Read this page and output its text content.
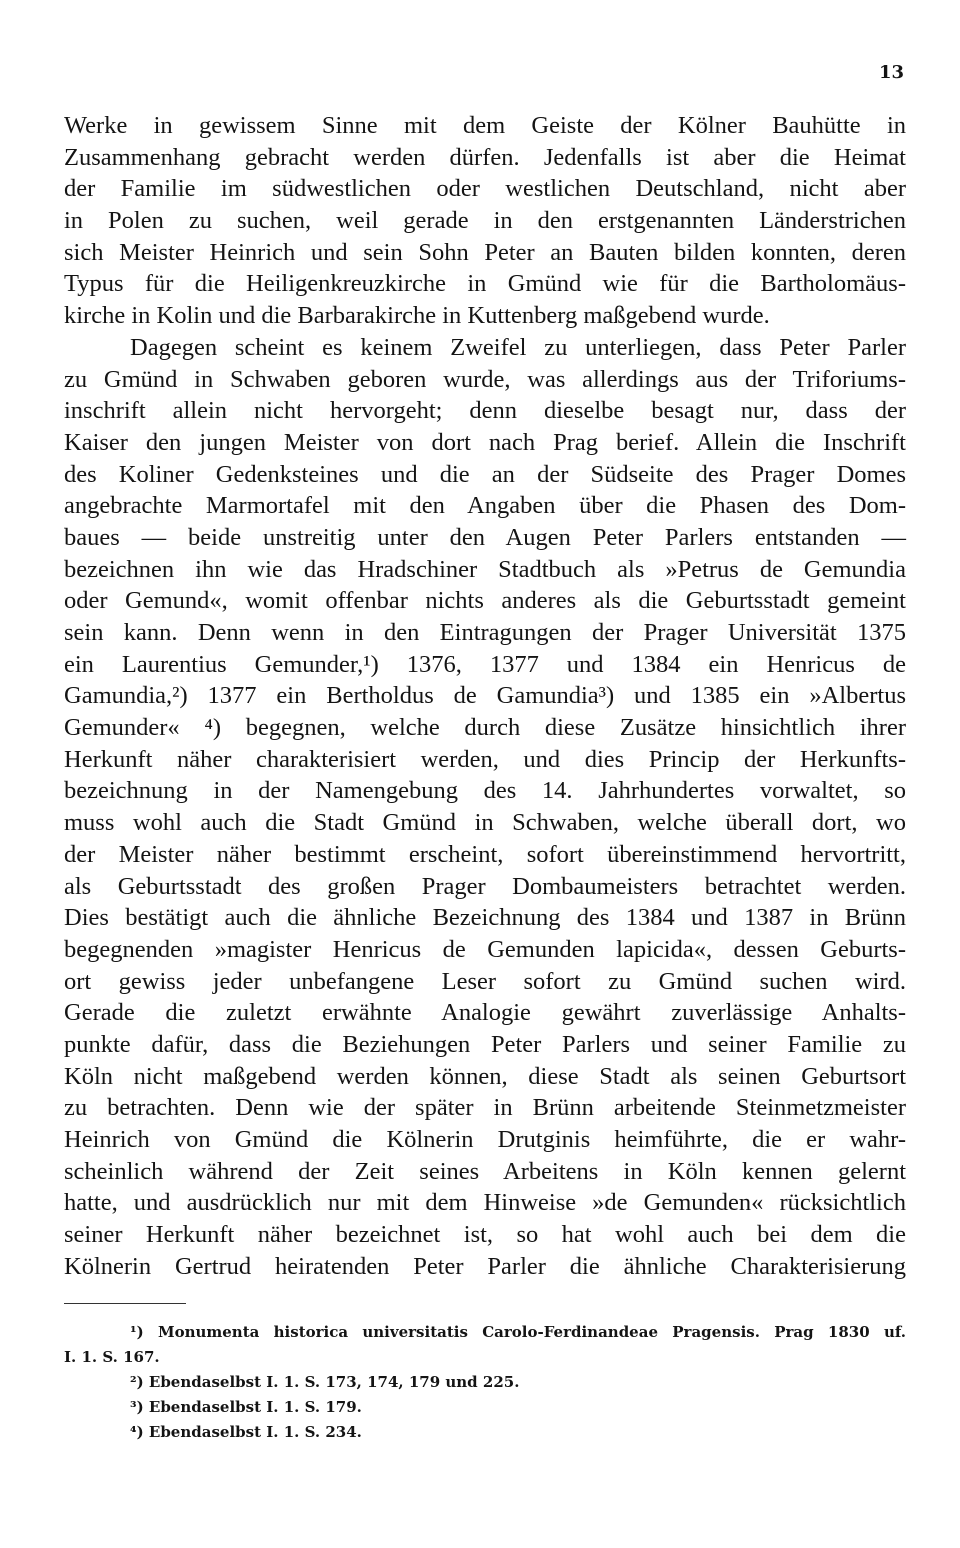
13
Werke in gewissem Sinne mit dem Geiste der Kölner Bauhütte in
Zusammenhang gebracht werden dürfen. Jedenfalls ist aber die Heimat
der Familie im südwestlichen oder westlichen Deutschland, nicht aber
in Polen zu suchen, weil gerade in den erstgenannten Länderstrichen
sich Meister Heinrich und sein Sohn Peter an Bauten bilden konnten, deren
Typus für die Heiligenkreuzkirche in Gmünd wie für die Bartholomäus-
kirche in Kolin und die Barbarakirche in Kuttenberg maßgebend wurde.
Dagegen scheint es keinem Zweifel zu unterliegen, dass Peter Parler
zu Gmünd in Schwaben geboren wurde, was allerdings aus der Triforiums-
inschrift allein nicht hervorgeht; denn dieselbe besagt nur, dass der
Kaiser den jungen Meister von dort nach Prag berief. Allein die Inschrift
des Koliner Gedenksteines und die an der Südseite des Prager Domes
angebrachte Marmortafel mit den Angaben über die Phasen des Dom-
baues — beide unstreitig unter den Augen Peter Parlers entstanden —
bezeichnen ihn wie das Hradschiner Stadtbuch als »Petrus de Gemundia
oder Gemund«, womit offenbar nichts anderes als die Geburtsstadt gemeint
sein kann. Denn wenn in den Eintragungen der Prager Universität 1375
ein Laurentius Gemunder,¹) 1376, 1377 und 1384 ein Henricus de
Gamundia,²) 1377 ein Bertholdus de Gamundia³) und 1385 ein »Albertus
Gemunder« ⁴) begegnen, welche durch diese Zusätze hinsichtlich ihrer
Herkunft näher charakterisiert werden, und dies Princip der Herkunfts-
bezeichnung in der Namengebung des 14. Jahrhundertes vorwaltet, so
muss wohl auch die Stadt Gmünd in Schwaben, welche überall dort, wo
der Meister näher bestimmt erscheint, sofort übereinstimmend hervortritt,
als Geburtsstadt des großen Prager Dombaumeisters betrachtet werden.
Dies bestätigt auch die ähnliche Bezeichnung des 1384 und 1387 in Brünn
begegnenden »magister Henricus de Gemunden lapicida«, dessen Geburts-
ort gewiss jeder unbefangene Leser sofort zu Gmünd suchen wird.
Gerade die zuletzt erwähnte Analogie gewährt zuverlässige Anhalts-
punkte dafür, dass die Beziehungen Peter Parlers und seiner Familie zu
Köln nicht maßgebend werden können, diese Stadt als seinen Geburtsort
zu betrachten. Denn wie der später in Brünn arbeitende Steinmetzmeister
Heinrich von Gmünd die Kölnerin Drutginis heimführte, die er wahr-
scheinlich während der Zeit seines Arbeitens in Köln kennen gelernt
hatte, und ausdrücklich nur mit dem Hinweise »de Gemunden« rücksichtlich
seiner Herkunft näher bezeichnet ist, so hat wohl auch bei dem die
Kölnerin Gertrud heiratenden Peter Parler die ähnliche Charakterisierung
¹) Monumenta historica universitatis Carolo-Ferdinandeae Pragensis. Prag 1830 uf.
I. 1. S. 167.
²) Ebendaselbst I. 1. S. 173, 174, 179 und 225.
³) Ebendaselbst I. 1. S. 179.
⁴) Ebendaselbst I. 1. S. 234.
